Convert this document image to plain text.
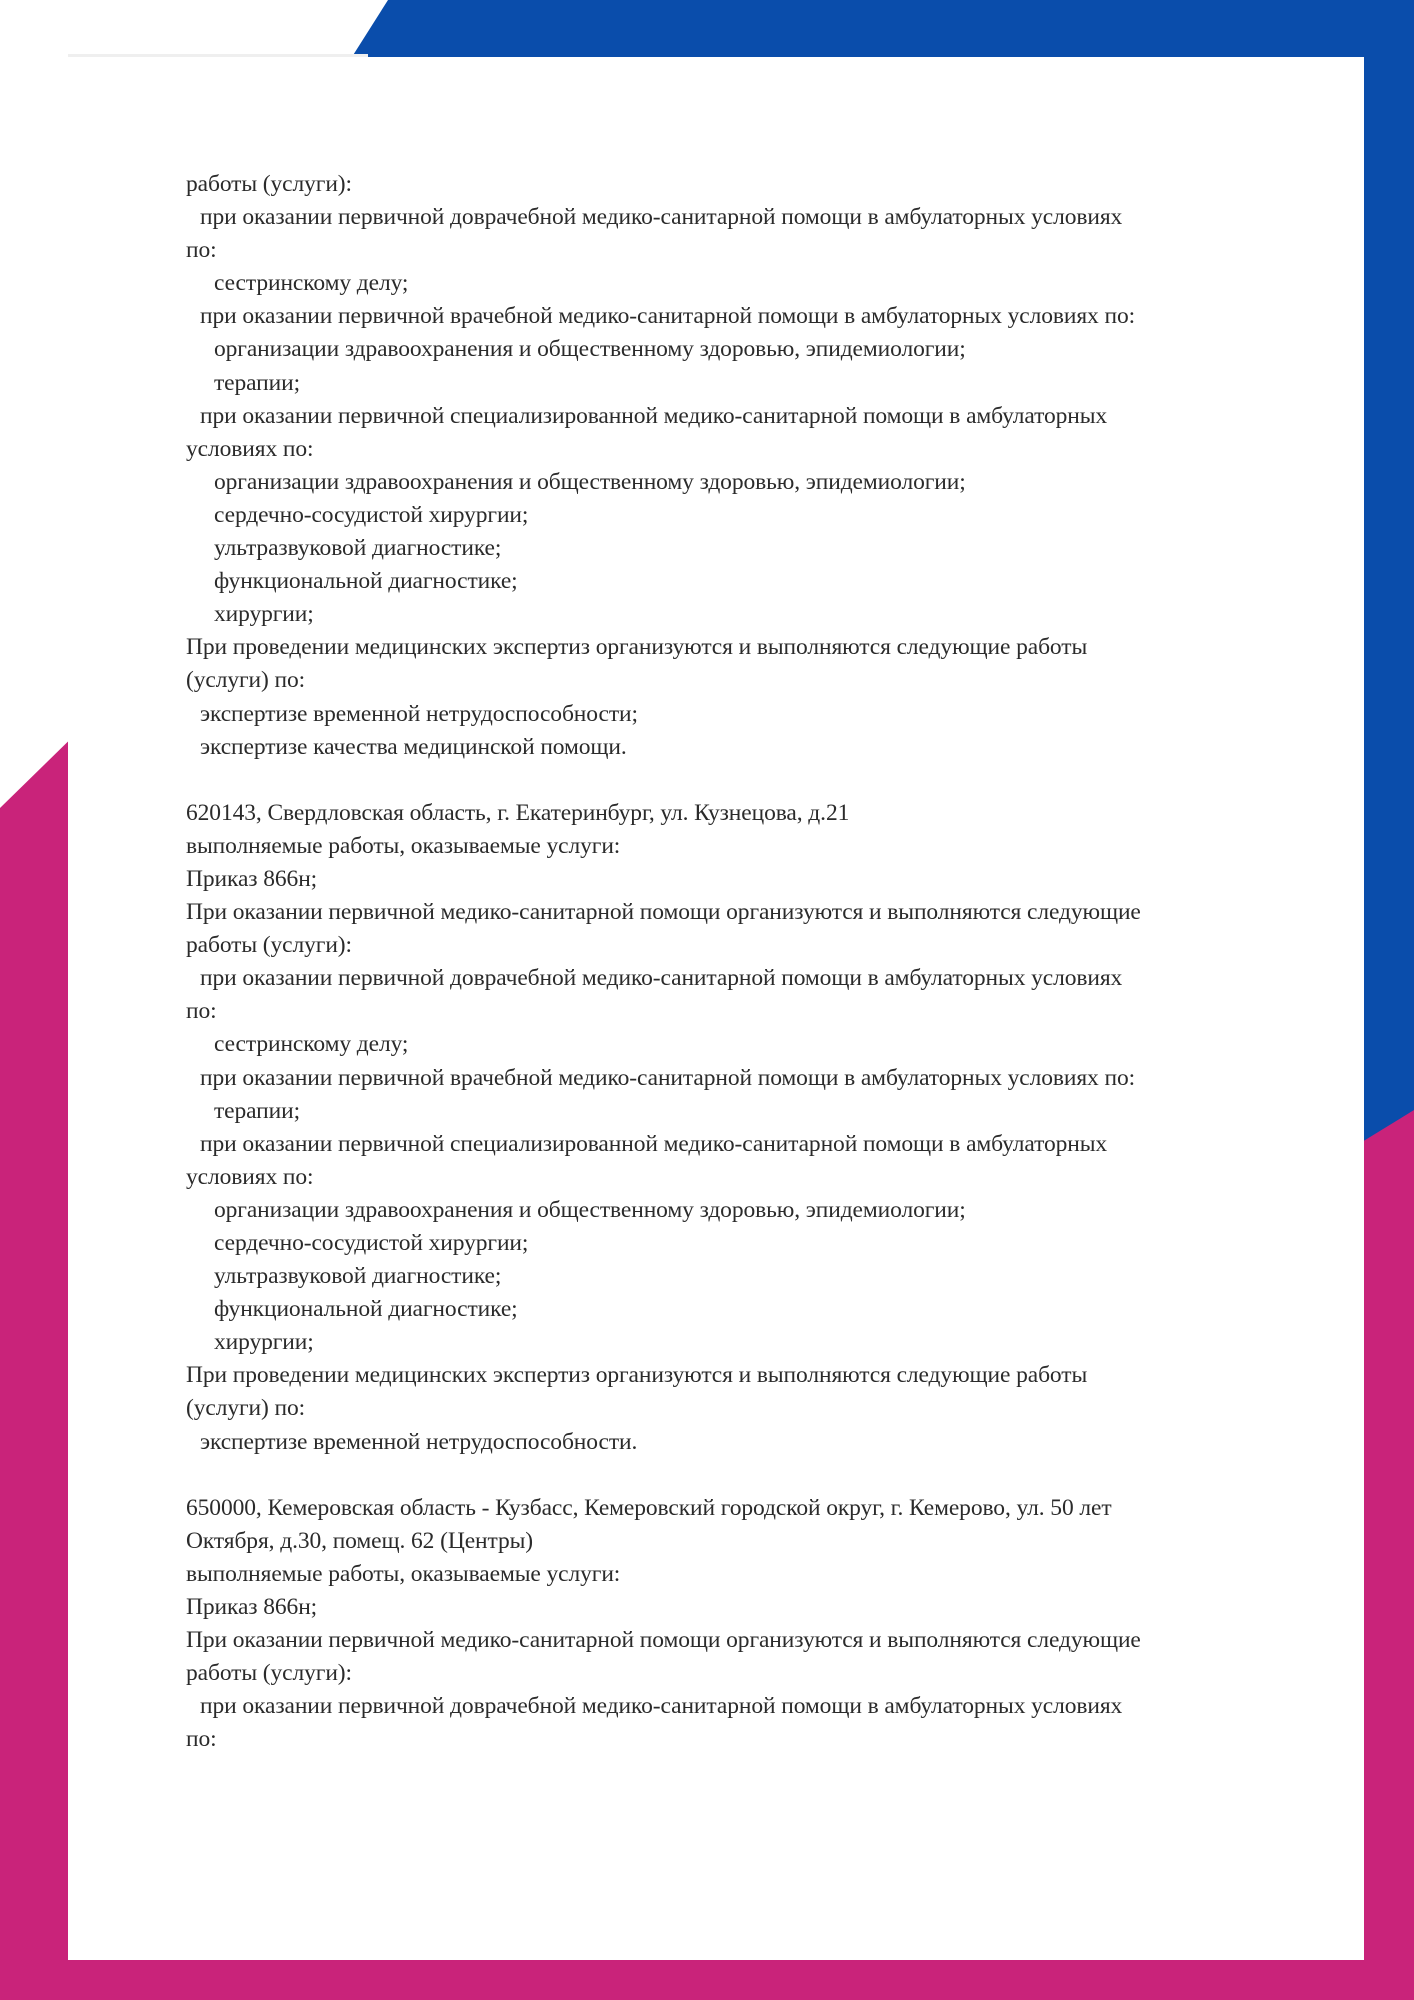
работы (услуги):
при оказании первичной доврачебной медико-санитарной помощи в амбулаторных условиях
по:
сестринскому делу;
при оказании первичной врачебной медико-санитарной помощи в амбулаторных условиях по:
организации здравоохранения и общественному здоровью, эпидемиологии;
терапии;
при оказании первичной специализированной медико-санитарной помощи в амбулаторных
условиях по:
организации здравоохранения и общественному здоровью, эпидемиологии;
сердечно-сосудистой хирургии;
ультразвуковой диагностике;
функциональной диагностике;
хирургии;
При проведении медицинских экспертиз организуются и выполняются следующие работы
(услуги) по:
экспертизе временной нетрудоспособности;
экспертизе качества медицинской помощи.
620143, Свердловская область, г. Екатеринбург, ул. Кузнецова, д.21
выполняемые работы, оказываемые услуги:
Приказ 866н;
При оказании первичной медико-санитарной помощи организуются и выполняются следующие
работы (услуги):
при оказании первичной доврачебной медико-санитарной помощи в амбулаторных условиях
по:
сестринскому делу;
при оказании первичной врачебной медико-санитарной помощи в амбулаторных условиях по:
терапии;
при оказании первичной специализированной медико-санитарной помощи в амбулаторных
условиях по:
организации здравоохранения и общественному здоровью, эпидемиологии;
сердечно-сосудистой хирургии;
ультразвуковой диагностике;
функциональной диагностике;
хирургии;
При проведении медицинских экспертиз организуются и выполняются следующие работы
(услуги) по:
экспертизе временной нетрудоспособности.
650000, Кемеровская область - Кузбасс, Кемеровский городской округ, г. Кемерово, ул. 50 лет
Октября, д.30, помещ. 62 (Центры)
выполняемые работы, оказываемые услуги:
Приказ 866н;
При оказании первичной медико-санитарной помощи организуются и выполняются следующие
работы (услуги):
при оказании первичной доврачебной медико-санитарной помощи в амбулаторных условиях
по:
